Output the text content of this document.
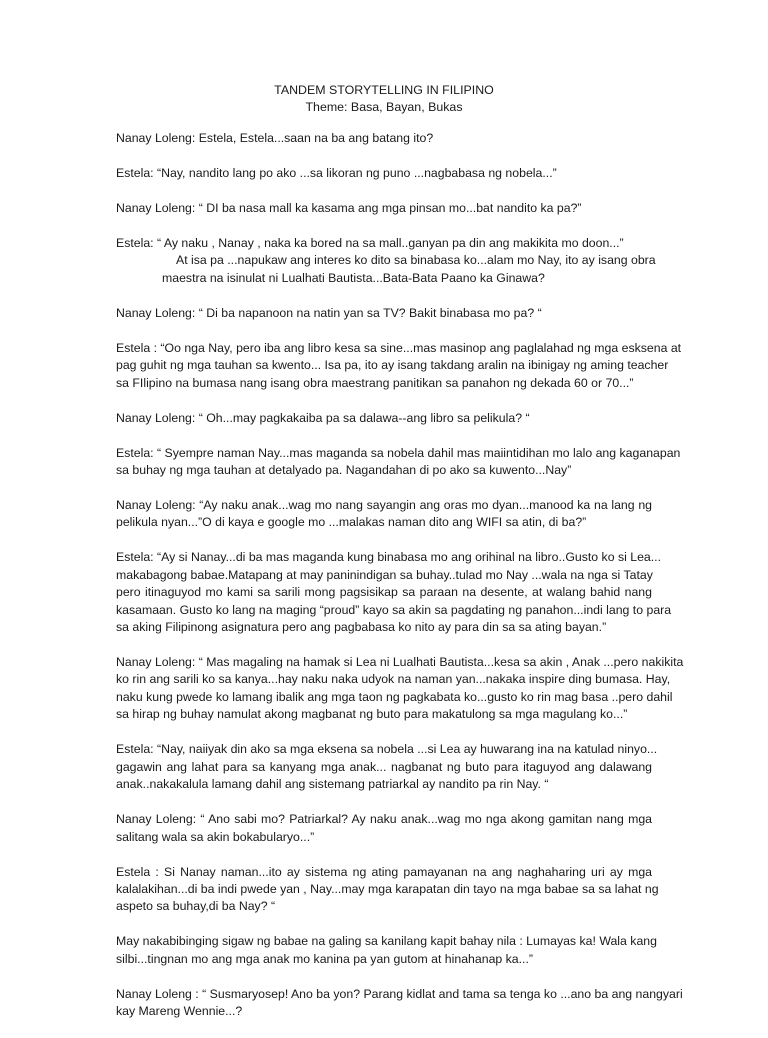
TANDEM STORYTELLING IN FILIPINO
Theme: Basa, Bayan, Bukas
Nanay Loleng: Estela, Estela...saan na ba ang batang ito?
Estela: “Nay, nandito lang po ako ...sa likoran ng puno ...nagbabasa ng nobela...”
Nanay Loleng: “ DI ba nasa mall ka kasama ang mga pinsan mo...bat nandito ka pa?”
Estela: “ Ay naku , Nanay , naka ka bored na sa mall..ganyan pa din ang makikita mo doon...”
At isa pa ...napukaw ang interes ko dito sa binabasa ko...alam mo Nay, ito ay isang obra
maestra na isinulat ni Lualhati Bautista...Bata-Bata Paano ka Ginawa?
Nanay Loleng: “ Di ba napanoon na natin yan sa TV? Bakit binabasa mo pa? “
Estela : “Oo nga Nay, pero iba ang libro kesa sa sine...mas masinop ang paglalahad ng mga esksena at
pag guhit ng mga tauhan sa kwento... Isa pa, ito ay isang takdang aralin na ibinigay ng aming teacher
sa FIlipino na bumasa nang isang obra maestrang panitikan sa panahon ng dekada 60 or 70...”
Nanay Loleng: “ Oh...may pagkakaiba pa sa dalawa--ang libro sa pelikula? “
Estela: “ Syempre naman Nay...mas maganda sa nobela dahil mas maiintidihan mo lalo ang kaganapan
sa buhay ng mga tauhan at detalyado pa. Nagandahan di po ako sa kuwento...Nay”
Nanay Loleng: “Ay naku anak...wag mo nang sayangin ang oras mo dyan...manood ka na lang ng
pelikula nyan...”O di kaya e google mo ...malakas naman dito ang WIFI sa atin, di ba?”
Estela: “Ay si Nanay...di ba mas maganda kung binabasa mo ang orihinal na libro..Gusto ko si Lea...
makabagong babae.Matapang at may paninindigan sa buhay..tulad mo Nay ...wala na nga si Tatay
pero itinaguyod mo kami sa sarili mong pagsisikap sa paraan na desente, at walang bahid nang
kasamaan. Gusto ko lang na maging “proud” kayo sa akin sa pagdating ng panahon...indi lang to para
sa aking Filipinong asignatura pero ang pagbabasa ko nito ay para din sa sa ating bayan.”
Nanay Loleng: “ Mas magaling na hamak si Lea ni Lualhati Bautista...kesa sa akin , Anak ...pero nakikita
ko rin ang sarili ko sa kanya...hay naku naka udyok na naman yan...nakaka inspire ding bumasa. Hay,
naku kung pwede ko lamang ibalik ang mga taon ng pagkabata ko...gusto ko rin mag basa ..pero dahil
sa hirap ng buhay namulat akong magbanat ng buto para makatulong sa mga magulang ko...”
Estela: “Nay, naiiyak din ako sa mga eksena sa nobela ...si Lea ay huwarang ina na katulad ninyo...
gagawin ang lahat para sa kanyang mga anak... nagbanat ng buto para itaguyod ang dalawang
anak..nakakalula lamang dahil ang sistemang patriarkal ay nandito pa rin Nay. “
Nanay Loleng: “ Ano sabi mo? Patriarkal? Ay naku anak...wag mo nga akong gamitan nang mga
salitang wala sa akin bokabularyo...”
Estela : Si Nanay naman...ito ay sistema ng ating pamayanan na ang naghaharing uri ay mga
kalalakihan...di ba indi pwede yan , Nay...may mga karapatan din tayo na mga babae sa sa lahat ng
aspeto sa buhay,di ba Nay? “
May nakabibinging sigaw ng babae na galing sa kanilang kapit bahay nila : Lumayas ka! Wala kang
silbi...tingnan mo ang mga anak mo kanina pa yan gutom at hinahanap ka...”
Nanay Loleng : “ Susmaryosep! Ano ba yon? Parang kidlat and tama sa tenga ko ...ano ba ang nangyari
kay Mareng Wennie...?
